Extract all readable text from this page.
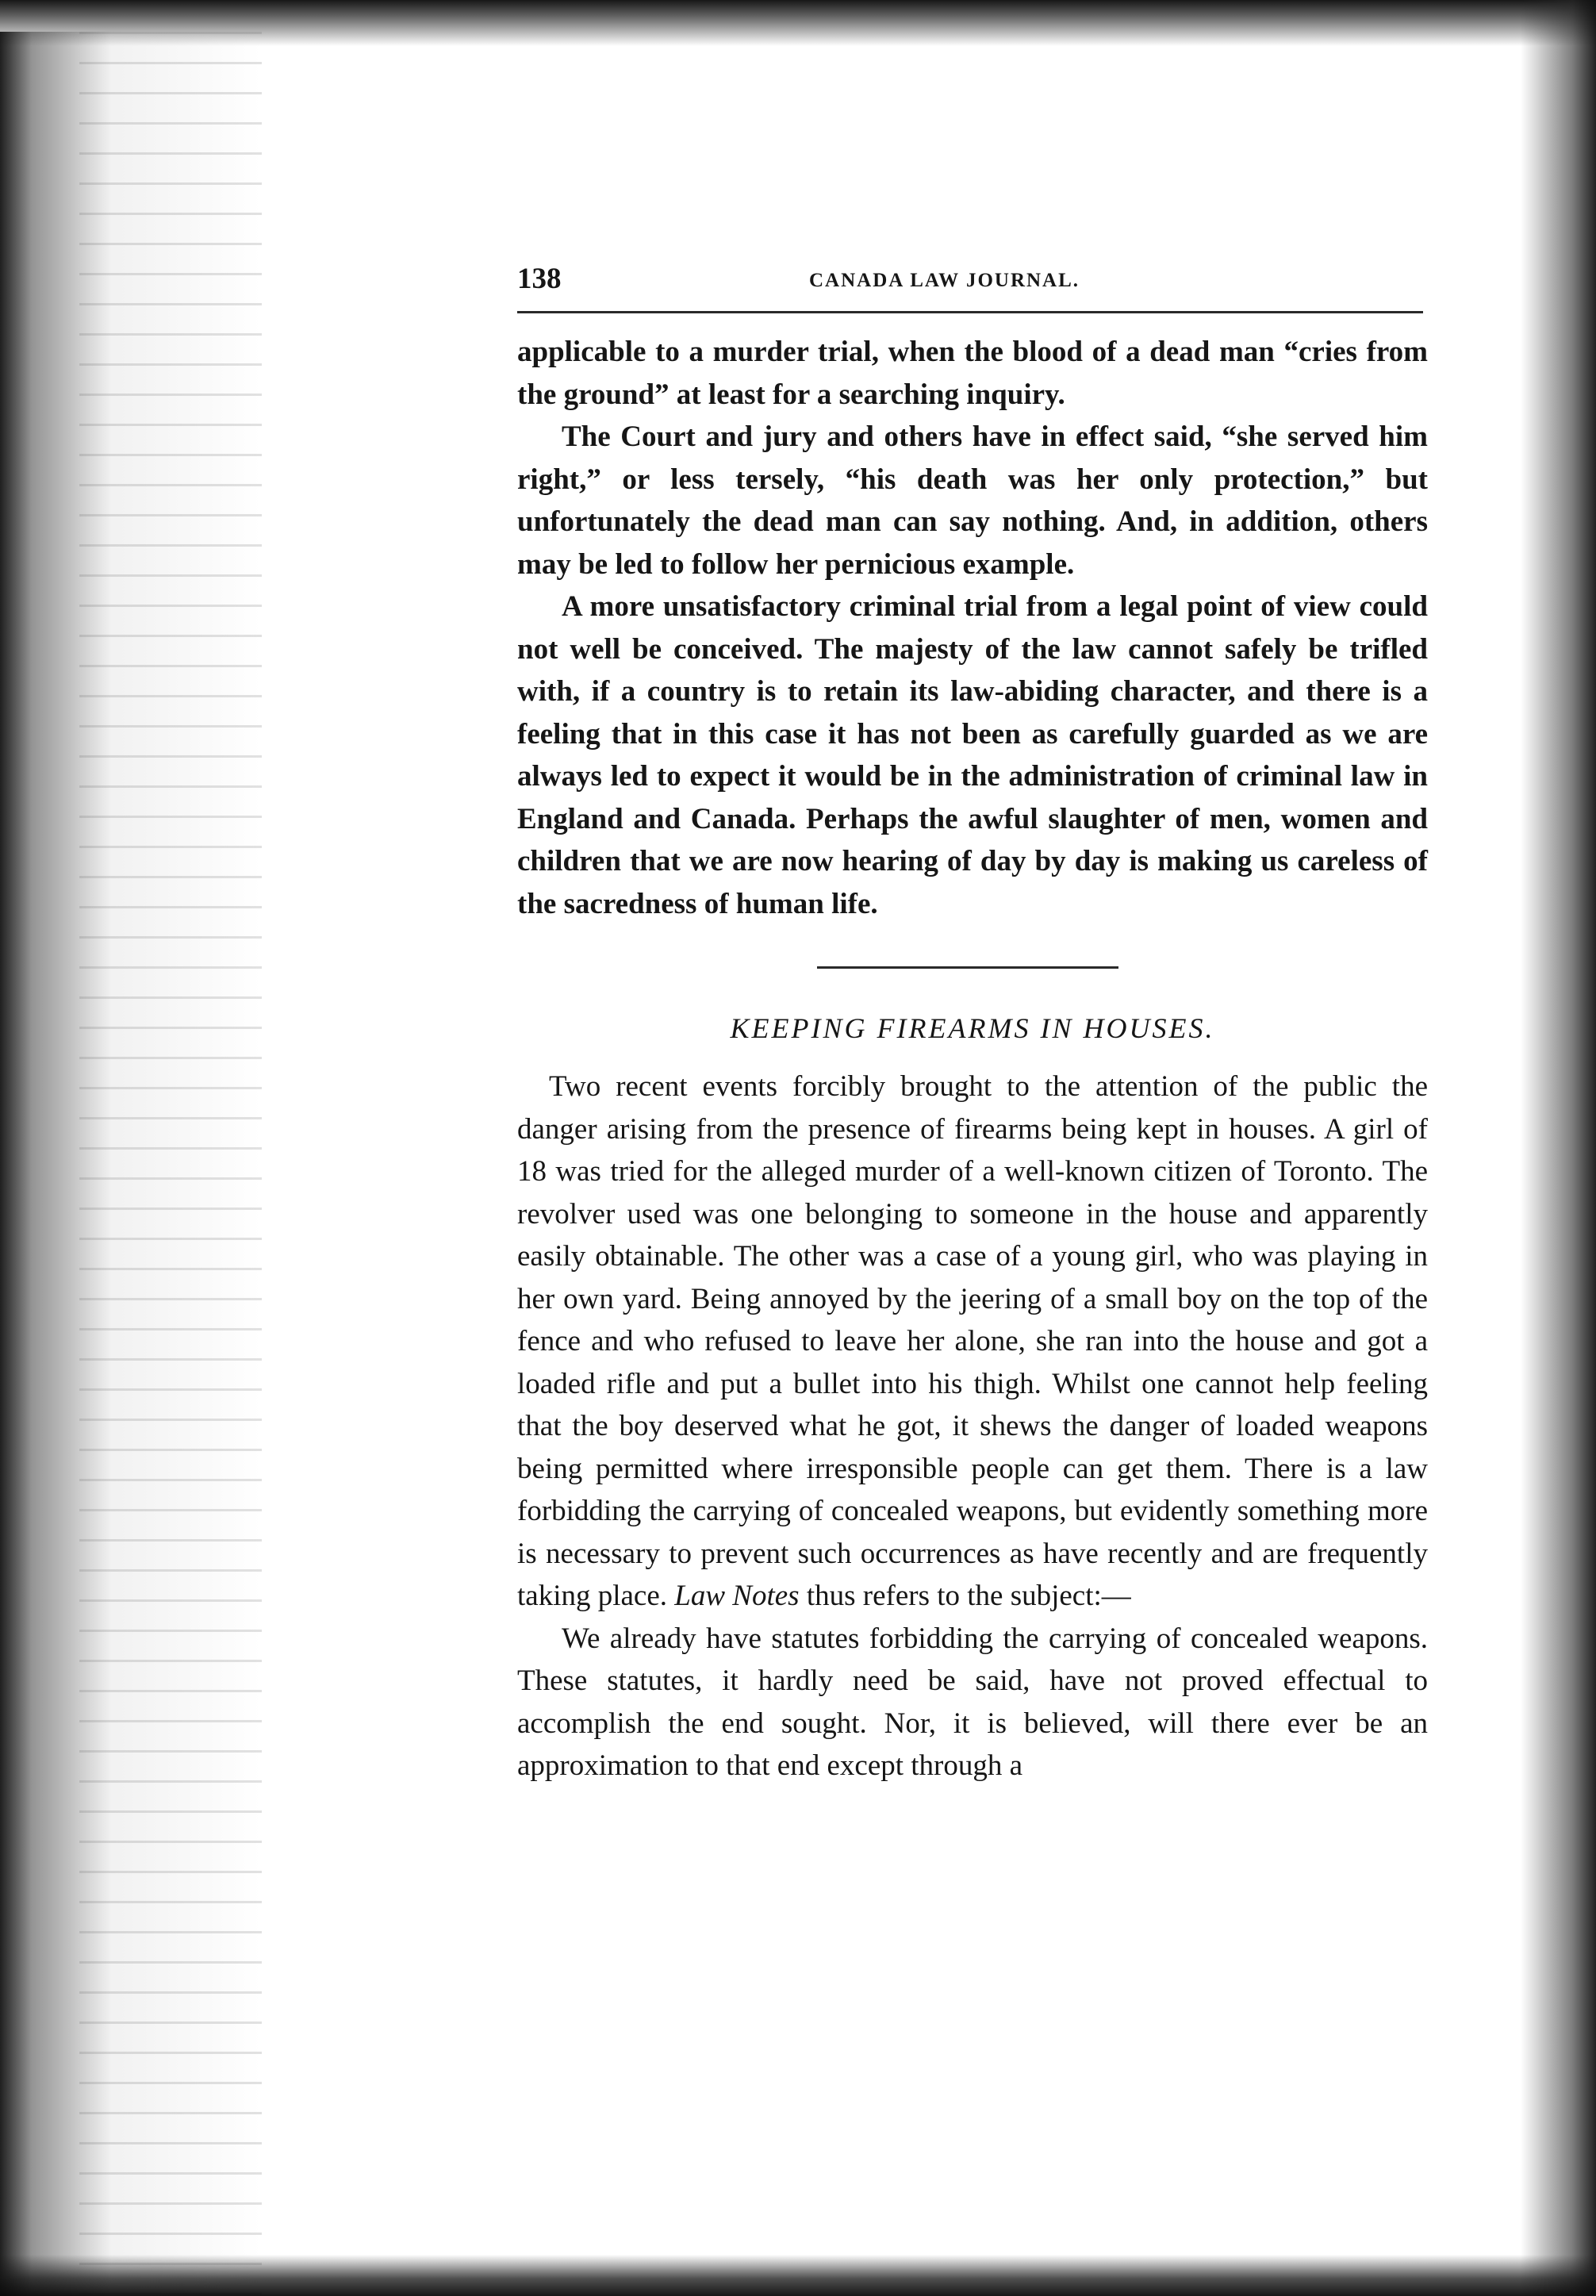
138	CANADA LAW JOURNAL.

applicable to a murder trial, when the blood of a dead man “cries from the ground” at least for a searching inquiry.

The Court and jury and others have in effect said, “she served him right,” or less tersely, “his death was her only protection,” but unfortunately the dead man can say nothing. And, in addition, others may be led to follow her pernicious example.

A more unsatisfactory criminal trial from a legal point of view could not well be conceived. The majesty of the law cannot safely be trifled with, if a country is to retain its law-abiding character, and there is a feeling that in this case it has not been as carefully guarded as we are always led to expect it would be in the administration of criminal law in England and Canada. Perhaps the awful slaughter of men, women and children that we are now hearing of day by day is making us careless of the sacredness of human life.

KEEPING FIREARMS IN HOUSES.

Two recent events forcibly brought to the attention of the public the danger arising from the presence of firearms being kept in houses. A girl of 18 was tried for the alleged murder of a well-known citizen of Toronto. The revolver used was one belonging to someone in the house and apparently easily obtainable. The other was a case of a young girl, who was playing in her own yard. Being annoyed by the jeering of a small boy on the top of the fence and who refused to leave her alone, she ran into the house and got a loaded rifle and put a bullet into his thigh. Whilst one cannot help feeling that the boy deserved what he got, it shews the danger of loaded weapons being permitted where irresponsible people can get them. There is a law forbidding the carrying of concealed weapons, but evidently something more is necessary to prevent such occurrences as have recently and are frequently taking place. Law Notes thus refers to the subject:—

We already have statutes forbidding the carrying of concealed weapons. These statutes, it hardly need be said, have not proved effectual to accomplish the end sought. Nor, it is believed, will there ever be an approximation to that end except through a
